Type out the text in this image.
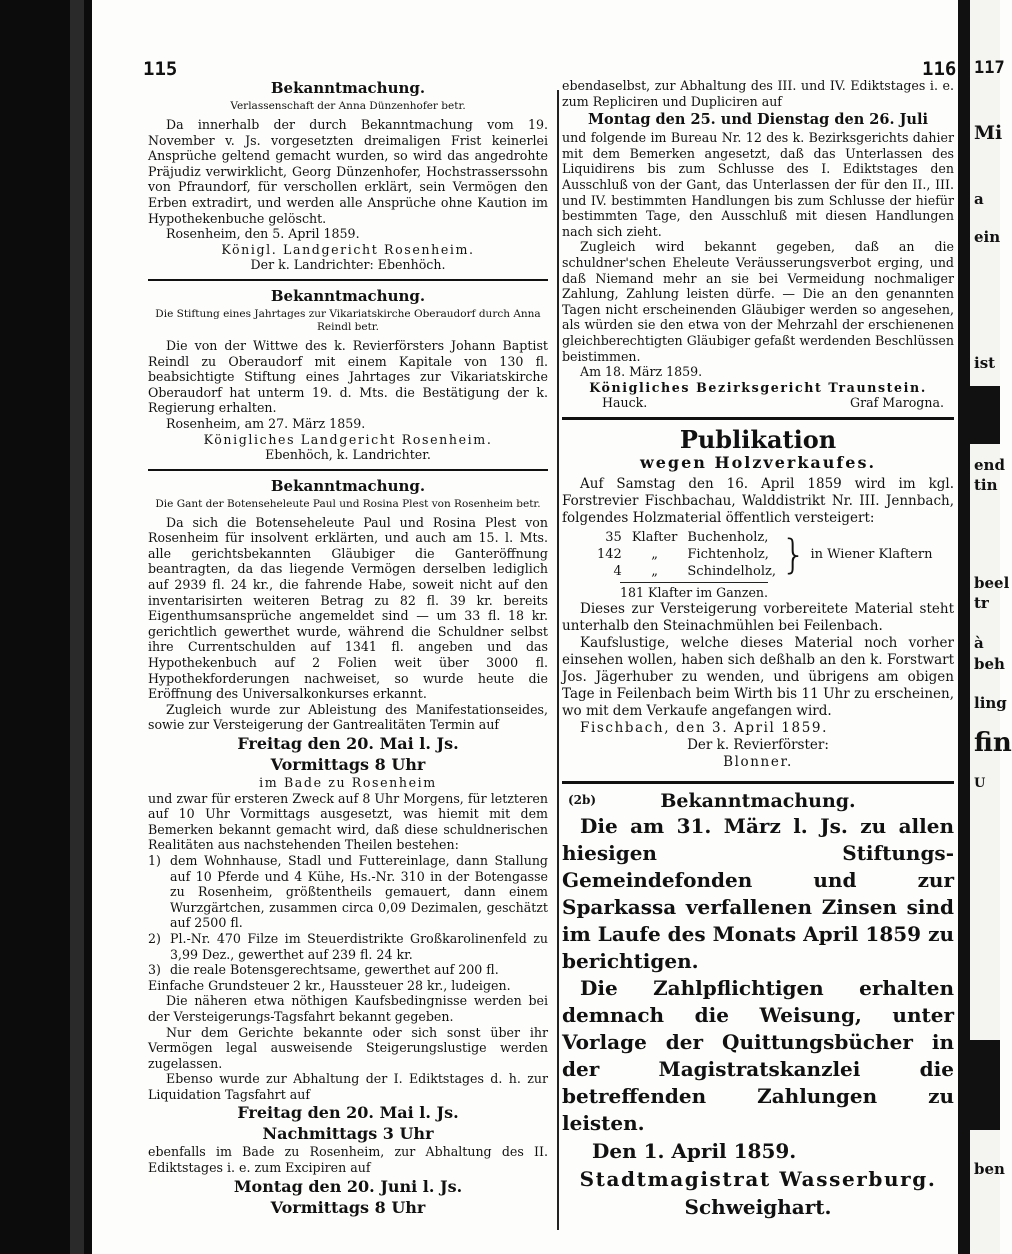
115	116
Bekanntmachung.
Verlassenschaft der Anna Dünzenhofer betr.

Da innerhalb der durch Bekanntmachung vom 19. November v. Js. vorgesetzten dreimaligen Frist keinerlei Ansprüche geltend gemacht wurden, so wird das angedrohte Präjudiz verwirklicht, Georg Dünzenhofer, Hochstrasserssohn von Pfraundorf, für verschollen erklärt, sein Vermögen den Erben extradirt, und werden alle Ansprüche ohne Kaution im Hypothekenbuche gelöscht.

Rosenheim, den 5. April 1859.

Königl. Landgericht Rosenheim.

Der k. Landrichter: Ebenhöch.

Bekanntmachung.
Die Stiftung eines Jahrtages zur Vikariatskirche Oberaudorf durch Anna Reindl betr.

Die von der Wittwe des k. Revierförsters Johann Baptist Reindl zu Oberaudorf mit einem Kapitale von 130 fl. beabsichtigte Stiftung eines Jahrtages zur Vikariatskirche Oberaudorf hat unterm 19. d. Mts. die Bestätigung der k. Regierung erhalten.

Rosenheim, am 27. März 1859.

Königliches Landgericht Rosenheim.

Ebenhöch, k. Landrichter.

Bekanntmachung.
Die Gant der Botenseheleute Paul und Rosina Plest von Rosenheim betr.

Da sich die Botenseheleute Paul und Rosina Plest von Rosenheim für insolvent erklärten, und auch am 15. l. Mts. alle gerichtsbekannten Gläubiger die Ganteröffnung beantragten, da das liegende Vermögen derselben lediglich auf 2939 fl. 24 kr., die fahrende Habe, soweit nicht auf den inventarisirten weiteren Betrag zu 82 fl. 39 kr. bereits Eigenthumsansprüche angemeldet sind — um 33 fl. 18 kr. gerichtlich gewerthet wurde, während die Schuldner selbst ihre Currentschulden auf 1341 fl. angeben und das Hypothekenbuch auf 2 Folien weit über 3000 fl. Hypothekforderungen nachweiset, so wurde heute die Eröffnung des Universalkonkurses erkannt.

Zugleich wurde zur Ableistung des Manifestationseides, sowie zur Versteigerung der Gantrealitäten Termin auf

Freitag den 20. Mai l. Js.
Vormittags 8 Uhr

im Bade zu Rosenheim

und zwar für ersteren Zweck auf 8 Uhr Morgens, für letzteren auf 10 Uhr Vormittags ausgesetzt, was hiemit mit dem Bemerken bekannt gemacht wird, daß diese schuldnerischen Realitäten aus nachstehenden Theilen bestehen:

1) dem Wohnhause, Stadl und Futtereinlage, dann Stallung auf 10 Pferde und 4 Kühe, Hs.-Nr. 310 in der Botengasse zu Rosenheim, größtentheils gemauert, dann einem Wurzgärtchen, zusammen circa 0,09 Dezimalen, geschätzt auf 2500 fl.
2) Pl.-Nr. 470 Filze im Steuerdistrikte Großkarolinenfeld zu 3,99 Dez., gewerthet auf 239 fl. 24 kr.
3) die reale Botensgerechtsame, gewerthet auf 200 fl.

Einfache Grundsteuer 2 kr., Haussteuer 28 kr., ludeigen.

Die näheren etwa nöthigen Kaufsbedingnisse werden bei der Versteigerungs-Tagsfahrt bekannt gegeben.

Nur dem Gerichte bekannte oder sich sonst über ihr Vermögen legal ausweisende Steigerungslustige werden zugelassen.

Ebenso wurde zur Abhaltung der I. Ediktstages d. h. zur Liquidation Tagsfahrt auf

Freitag den 20. Mai l. Js.
Nachmittags 3 Uhr

ebenfalls im Bade zu Rosenheim, zur Abhaltung des II. Ediktstages i. e. zum Excipiren auf

Montag den 20. Juni l. Js.
Vormittags 8 Uhr

ebendaselbst, zur Abhaltung des III. und IV. Ediktstages i. e. zum Repliciren und Dupliciren auf

Montag den 25. und Dienstag den 26. Juli

und folgende im Bureau Nr. 12 des k. Bezirksgerichts dahier mit dem Bemerken angesetzt, daß das Unterlassen des Liquidirens bis zum Schlusse des I. Ediktstages den Ausschluß von der Gant, das Unterlassen der für den II., III. und IV. bestimmten Handlungen bis zum Schlusse der hiefür bestimmten Tage, den Ausschluß mit diesen Handlungen nach sich zieht.

Zugleich wird bekannt gegeben, daß an die schuldner'schen Eheleute Veräusserungsverbot erging, und daß Niemand mehr an sie bei Vermeidung nochmaliger Zahlung, Zahlung leisten dürfe. — Die an den genannten Tagen nicht erscheinenden Gläubiger werden so angesehen, als würden sie den etwa von der Mehrzahl der erschienenen gleichberechtigten Gläubiger gefaßt werdenden Beschlüssen beistimmen.

Am 18. März 1859.

Königliches Bezirksgericht Traunstein.

Hauck.	Graf Marogna.
Publikation
wegen Holzverkaufes.

Auf Samstag den 16. April 1859 wird im kgl. Forstrevier Fischbachau, Walddistrikt Nr. III. Jennbach, folgendes Holzmaterial öffentlich versteigert:

35	Klafter	Buchenholz,
142	„	Fichtenholz,
4	„	Schindelholz, } in Wiener Klaftern
181 Klafter im Ganzen.

Dieses zur Versteigerung vorbereitete Material steht unterhalb den Steinachmühlen bei Feilenbach.

Kaufslustige, welche dieses Material noch vorher einsehen wollen, haben sich deßhalb an den k. Forstwart Jos. Jägerhuber zu wenden, und übrigens am obigen Tage in Feilenbach beim Wirth bis 11 Uhr zu erscheinen, wo mit dem Verkaufe angefangen wird.

Fischbach, den 3. April 1859.

Der k. Revierförster:

Blonner.

(2b)	Bekanntmachung.

Die am 31. März l. Js. zu allen hiesigen Stiftungs-Gemeindefonden und zur Sparkassa verfallenen Zinsen sind im Laufe des Monats April 1859 zu berichtigen.

Die Zahlpflichtigen erhalten demnach die Weisung, unter Vorlage der Quittungsbücher in der Magistratskanzlei die betreffenden Zahlungen zu leisten.

Den 1. April 1859.

Stadtmagistrat Wasserburg.

Schweighart.

117
Mi
a
ein
ist
end
tin
beel
tr
à
beh
ling
fin
U
ben
